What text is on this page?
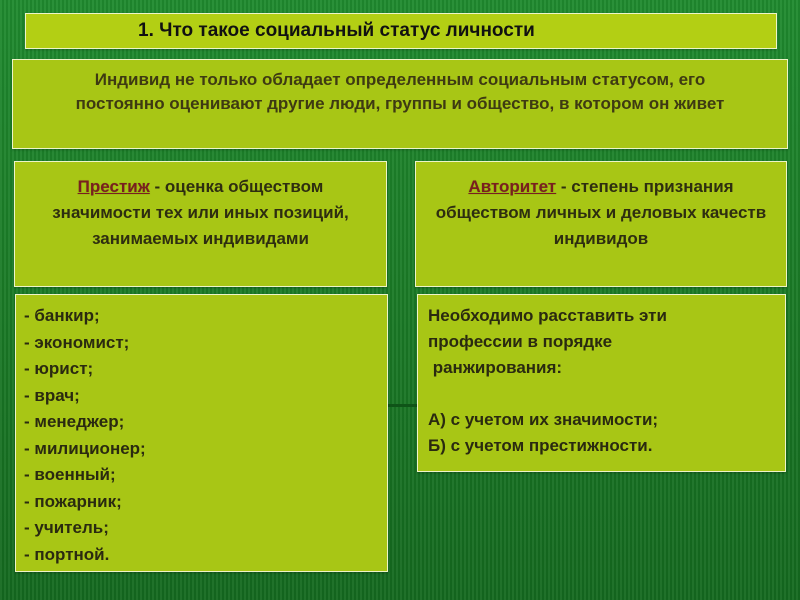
1. Что такое социальный статус личности
Индивид не только обладает определенным социальным статусом, его постоянно оценивают другие люди, группы и общество, в котором он живет
Престиж - оценка обществом значимости тех или иных позиций, занимаемых индивидами
Авторитет - степень признания обществом личных и деловых качеств индивидов
- банкир;
- экономист;
- юрист;
- врач;
- менеджер;
- милиционер;
- военный;
- пожарник;
- учитель;
- портной.
Необходимо расставить эти
профессии в порядке
ранжирования:

А) с учетом их значимости;
Б) с учетом престижности.
